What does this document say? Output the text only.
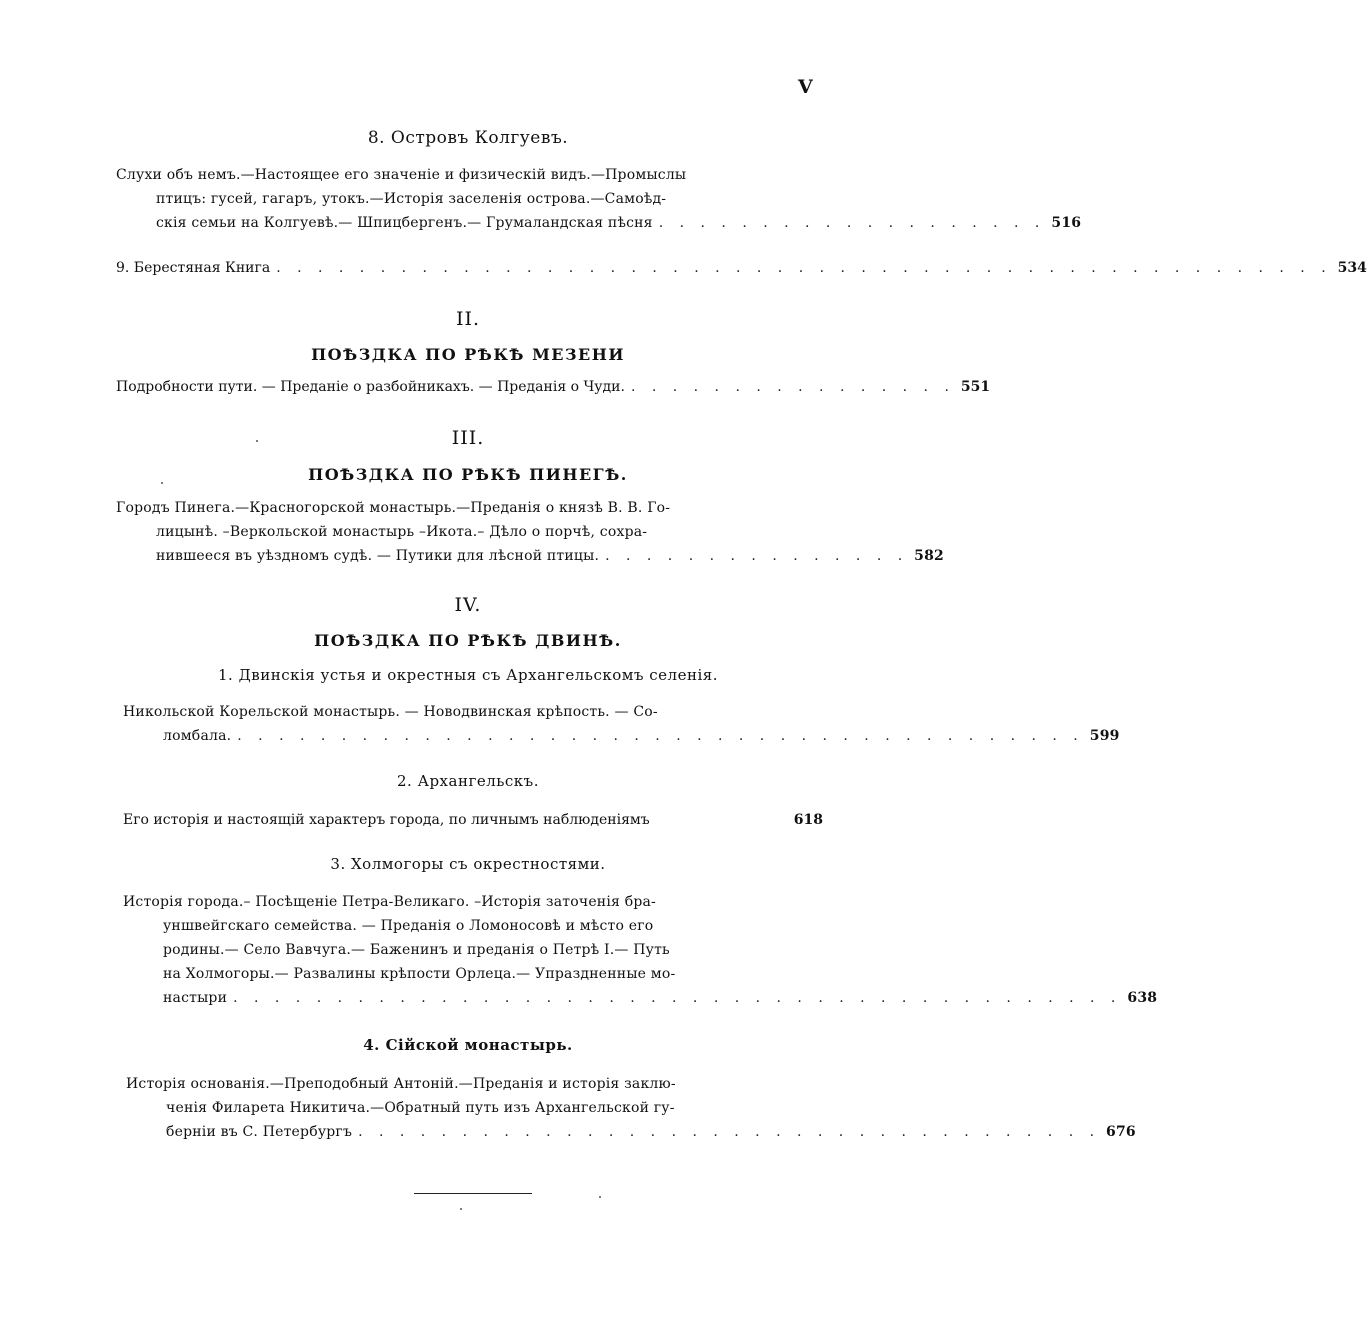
V
8. Островъ Колгуевъ.
Слухи объ немъ.—Настоящее его значеніе и физическій видъ.—Промыслы
птицъ: гусей, гагаръ, утокъ.—Исторія заселенія острова.—Самоѣд-
скія семьи на Колгуевѣ.— Шпицбергенъ.— Грумаландская пѣсня . . . . . . . . . . . . . . . . . . . 516
9. Берестяная Книга . . . . . . . . . . . . . . . . . . . . . . . . . . . . . . . . . . . . . . . . . . . . . . . . . . . 534
II.
ПОѢЗДКА ПО РѢКѢ МЕЗЕНИ
Подробности пути. — Преданіе о разбойникахъ. — Преданія о Чуди. . . . . . . . . . . . . . . . . 551
III.
ПОѢЗДКА ПО РѢКѢ ПИНЕГѢ.
Городъ Пинега.—Красногорской монастырь.—Преданія о князѣ В. В. Го-
лицынѣ. –Веркольской монастырь –Икота.– Дѣло о порчѣ, сохра-
нившееся въ уѣздномъ судѣ. — Путики для лѣсной птицы. . . . . . . . . . . . . . . . 582
IV.
ПОѢЗДКА ПО РѢКѢ ДВИНѢ.
1. Двинскія устья и окрестныя съ Архангельскомъ селенія.
Никольской Корельской монастырь. — Новодвинская крѣпость. — Со-
ломбала. . . . . . . . . . . . . . . . . . . . . . . . . . . . . . . . . . . . . . . . . . 599
2. Архангельскъ.
Его исторія и настоящій характеръ города, по личнымъ наблюденіямъ	618
3. Холмогоры съ окрестностями.
Исторія города.– Посѣщеніе Петра-Великаго. –Исторія заточенія бра-
уншвейгскаго семейства. — Преданія о Ломоносовѣ и мѣсто его
родины.— Село Вавчуга.— Баженинъ и преданія о Петрѣ I.— Путь
на Холмогоры.— Развалины крѣпости Орлеца.— Упраздненные мо-
настыри . . . . . . . . . . . . . . . . . . . . . . . . . . . . . . . . . . . . . . . . . . . 638
4. Сійской монастырь.
Исторія основанія.—Преподобный Антоній.—Преданія и исторія заклю-
ченія Филарета Никитича.—Обратный путь изъ Архангельской гу-
берніи въ С. Петербургъ . . . . . . . . . . . . . . . . . . . . . . . . . . . . . . . . . . . . 676
